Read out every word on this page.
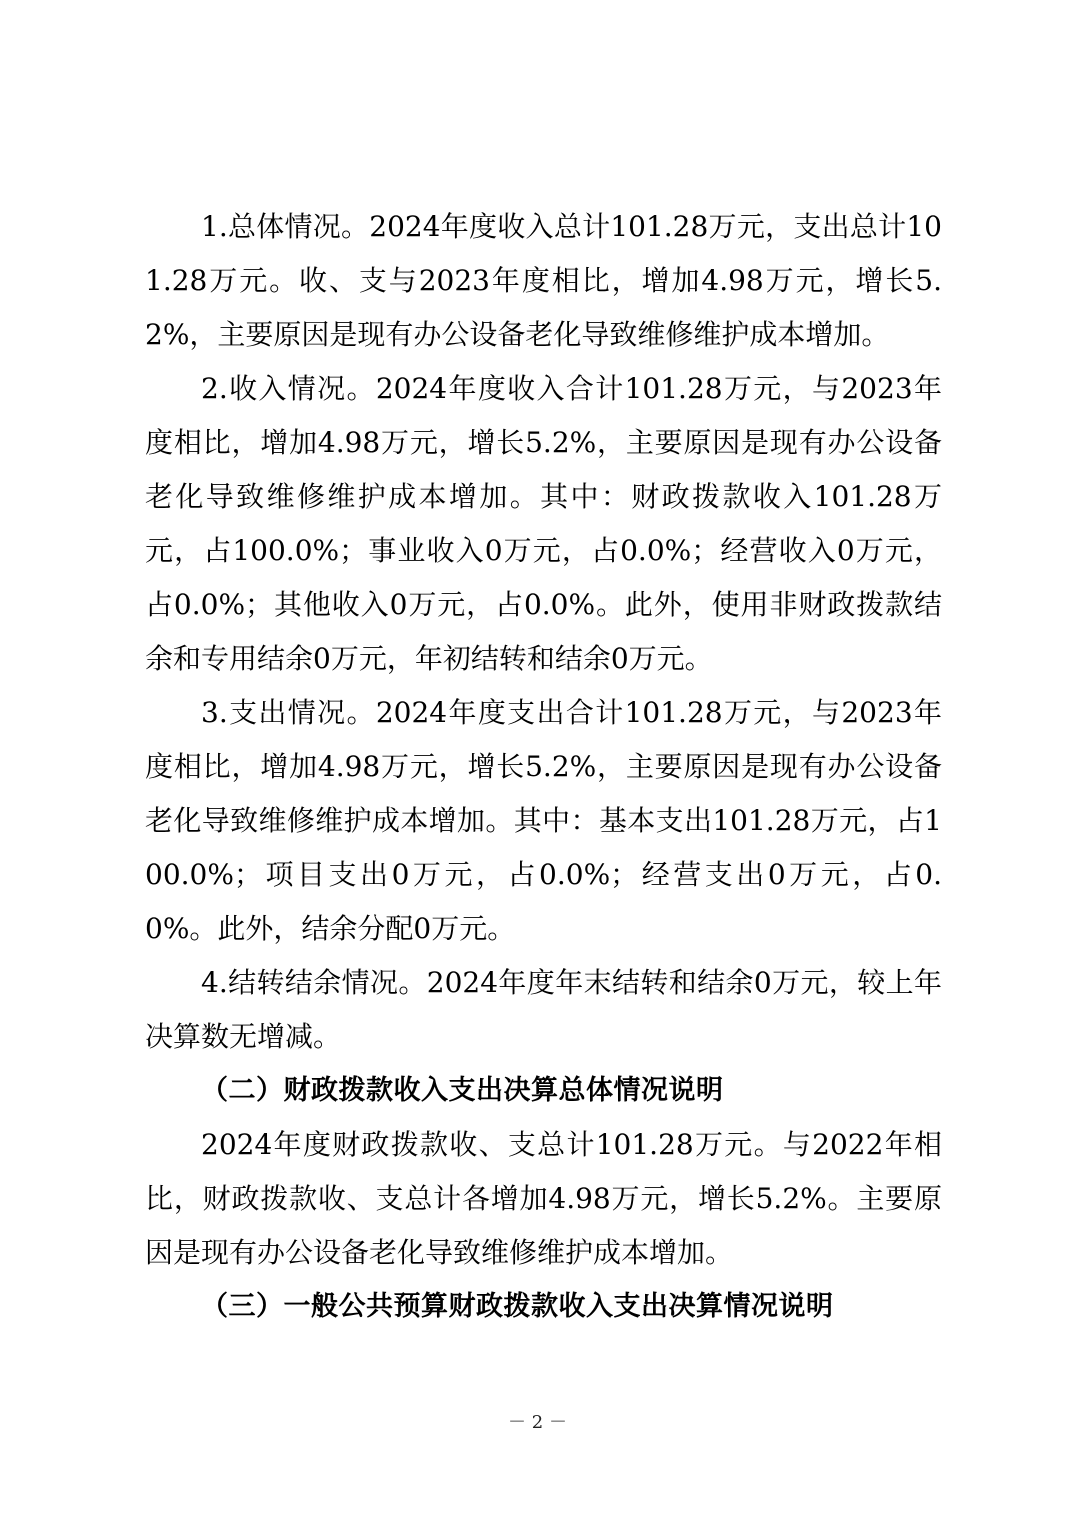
1.总体情况。2024年度收入总计101.28万元，支出总计101.28万元。收、支与2023年度相比，增加4.98万元，增长5.2%，主要原因是现有办公设备老化导致维修维护成本增加。

2.收入情况。2024年度收入合计101.28万元，与2023年度相比，增加4.98万元，增长5.2%，主要原因是现有办公设备老化导致维修维护成本增加。其中：财政拨款收入101.28万元，占100.0%；事业收入0万元，占0.0%；经营收入0万元，占0.0%；其他收入0万元，占0.0%。此外，使用非财政拨款结余和专用结余0万元，年初结转和结余0万元。

3.支出情况。2024年度支出合计101.28万元，与2023年度相比，增加4.98万元，增长5.2%，主要原因是现有办公设备老化导致维修维护成本增加。其中：基本支出101.28万元，占100.0%；项目支出0万元，占0.0%；经营支出0万元，占0.0%。此外，结余分配0万元。

4.结转结余情况。2024年度年末结转和结余0万元，较上年决算数无增减。

（二）财政拨款收入支出决算总体情况说明

2024年度财政拨款收、支总计101.28万元。与2022年相比，财政拨款收、支总计各增加4.98万元，增长5.2%。主要原因是现有办公设备老化导致维修维护成本增加。

（三）一般公共预算财政拨款收入支出决算情况说明
－ 2 －
